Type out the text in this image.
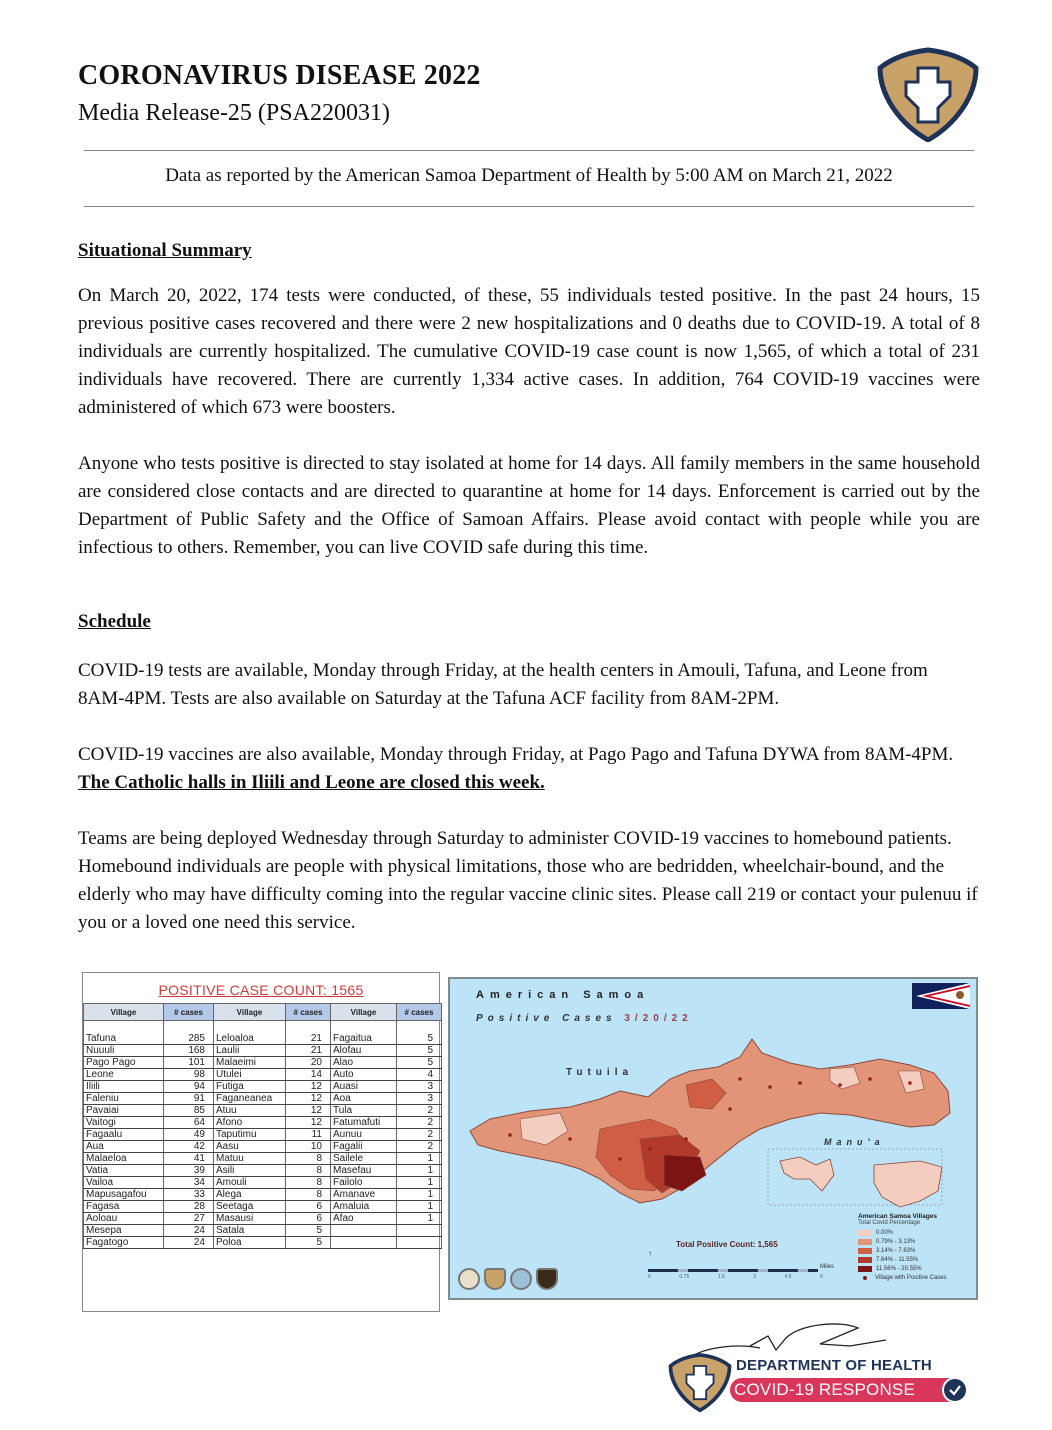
CORONAVIRUS DISEASE 2022
Media Release-25 (PSA220031)
Data as reported by the American Samoa Department of Health by 5:00 AM on March 21, 2022
Situational Summary

On March 20, 2022, 174 tests were conducted, of these, 55 individuals tested positive. In the past 24 hours, 15 previous positive cases recovered and there were 2 new hospitalizations and 0 deaths due to COVID-19. A total of 8 individuals are currently hospitalized. The cumulative COVID-19 case count is now 1,565, of which a total of 231 individuals have recovered. There are currently 1,334 active cases. In addition, 764 COVID-19 vaccines were administered of which 673 were boosters.

Anyone who tests positive is directed to stay isolated at home for 14 days. All family members in the same household are considered close contacts and are directed to quarantine at home for 14 days. Enforcement is carried out by the Department of Public Safety and the Office of Samoan Affairs. Please avoid contact with people while you are infectious to others. Remember, you can live COVID safe during this time.

Schedule

COVID-19 tests are available, Monday through Friday, at the health centers in Amouli, Tafuna, and Leone from 8AM-4PM. Tests are also available on Saturday at the Tafuna ACF facility from 8AM-2PM.

COVID-19 vaccines are also available, Monday through Friday, at Pago Pago and Tafuna DYWA from 8AM-4PM. The Catholic halls in Iliili and Leone are closed this week.

Teams are being deployed Wednesday through Saturday to administer COVID-19 vaccines to homebound patients. Homebound individuals are people with physical limitations, those who are bedridden, wheelchair-bound, and the elderly who may have difficulty coming into the regular vaccine clinic sites. Please call 219 or contact your pulenuu if you or a loved one need this service.

POSITIVE CASE COUNT: 1565
Village	# cases	Village	# cases	Village	# cases

Tafuna	285	Leloaloa	21	Fagaitua	5
Nuuuli	168	Laulii	21	Alofau	5
Pago Pago	101	Malaeimi	20	Alao	5
Leone	98	Utulei	14	Auto	4
Iliili	94	Futiga	12	Auasi	3
Faleniu	91	Faganeanea	12	Aoa	3
Pavaiai	85	Atuu	12	Tula	2
Vaitogi	64	Afono	12	Fatumafuti	2
Fagaalu	49	Taputimu	11	Aunuu	2
Aua	42	Aasu	10	Fagalii	2
Malaeloa	41	Matuu	8	Sailele	1
Vatia	39	Asili	8	Masefau	1
Vailoa	34	Amouli	8	Failolo	1
Mapusagafou	33	Alega	8	Amanave	1
Fagasa	28	Seetaga	6	Amaluia	1
Aoloau	27	Masausi	6	Afao	1
Mesepa	24	Satala	5		
Fagatogo	24	Poloa	5		
American Samoa
Positive Cases 3/20/22
Tutuila
Manu'a
Total Positive Count: 1,565
↑
Miles
0	0.75	1.5	3	4.5	6
American Samoa Villages
Total Covid Percentage
0.00%
0.79% - 3.13%
3.14% - 7.63%
7.64% - 11.55%
11.56% - 20.55%
Village with Positive Cases
DEPARTMENT OF HEALTH
COVID-19 RESPONSE
